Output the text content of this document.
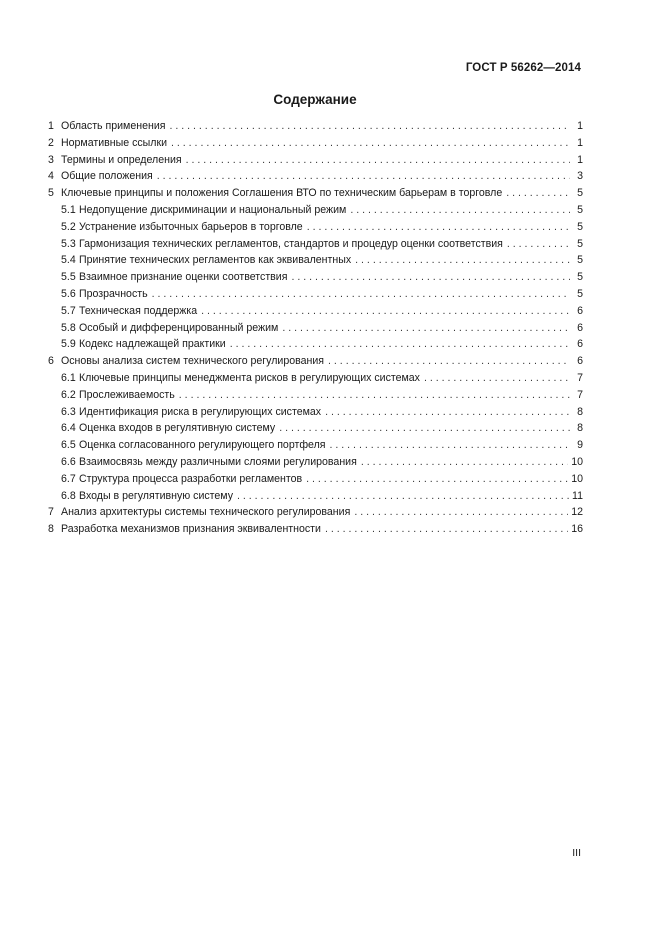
ГОСТ Р 56262—2014
Содержание
1 Область применения . . .	1
2 Нормативные ссылки . . .	1
3 Термины и определения . . .	1
4 Общие положения . . .	3
5 Ключевые принципы и положения Соглашения ВТО по техническим барьерам в торговле . . .	5
5.1 Недопущение дискриминации и национальный режим . . .	5
5.2 Устранение избыточных барьеров в торговле . . .	5
5.3 Гармонизация технических регламентов, стандартов и процедур оценки соответствия . . .	5
5.4 Принятие технических регламентов как эквивалентных . . .	5
5.5 Взаимное признание оценки соответствия . . .	5
5.6 Прозрачность . . .	5
5.7 Техническая поддержка . . .	6
5.8 Особый и дифференцированный режим . . .	6
5.9 Кодекс надлежащей практики . . .	6
6 Основы анализа систем технического регулирования . . .	6
6.1 Ключевые принципы менеджмента рисков в регулирующих системах . . .	7
6.2 Прослеживаемость . . .	7
6.3 Идентификация риска в регулирующих системах . . .	8
6.4 Оценка входов в регулятивную систему . . .	8
6.5 Оценка согласованного регулирующего портфеля . . .	9
6.6 Взаимосвязь между различными слоями регулирования . . .	10
6.7 Структура процесса разработки регламентов . . .	10
6.8 Входы в регулятивную систему . . .	11
7 Анализ архитектуры системы технического регулирования . . .	12
8 Разработка механизмов признания эквивалентности . . .	16
III
